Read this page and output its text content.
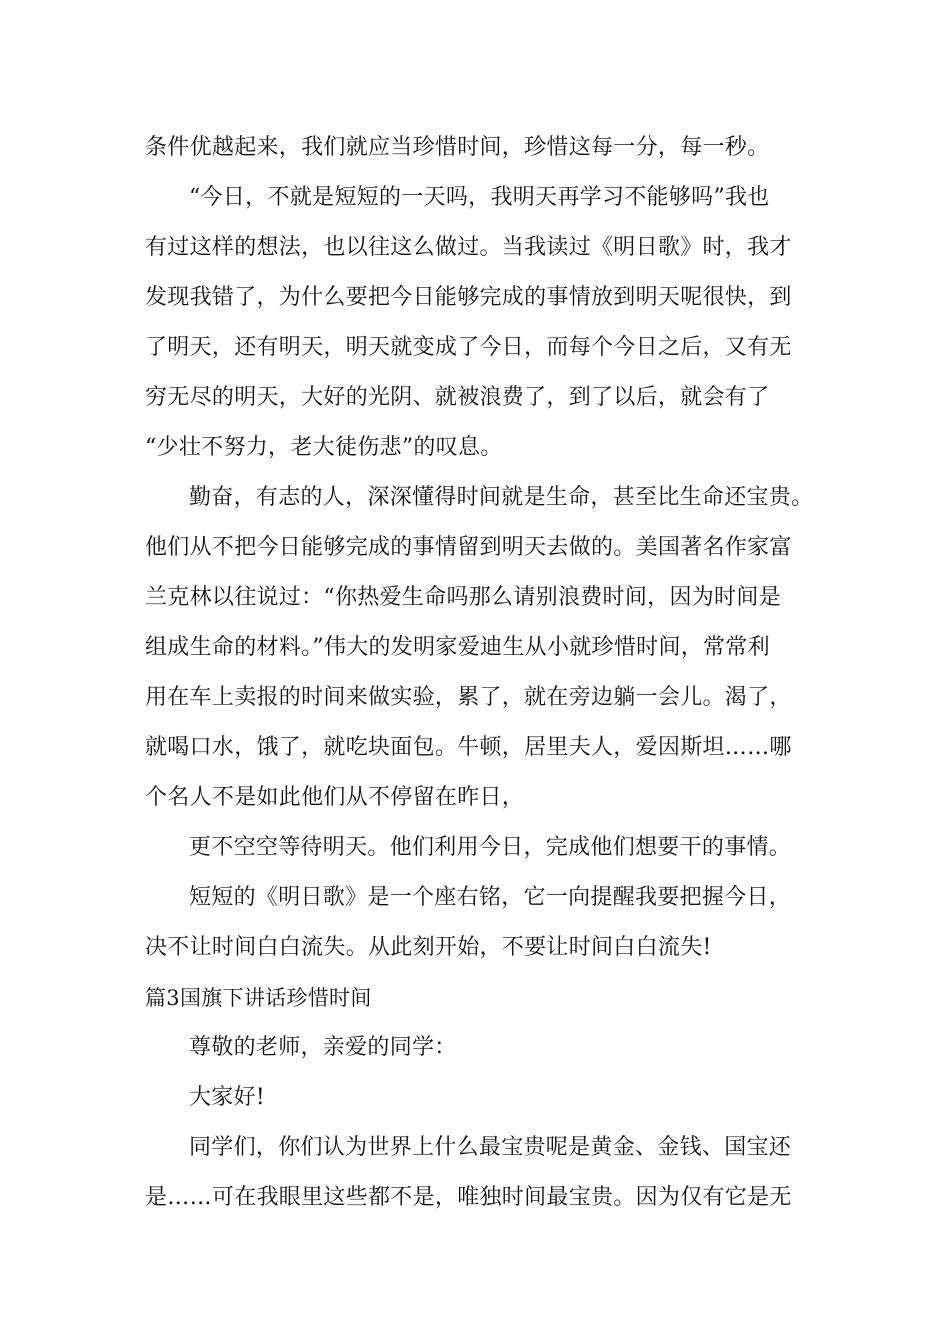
条件优越起来，我们就应当珍惜时间，珍惜这每一分，每一秒。
“今日，不就是短短的一天吗，我明天再学习不能够吗”我也
有过这样的想法，也以往这么做过。当我读过《明日歌》时，我才
发现我错了，为什么要把今日能够完成的事情放到明天呢很快，到
了明天，还有明天，明天就变成了今日，而每个今日之后，又有无
穷无尽的明天，大好的光阴、就被浪费了，到了以后，就会有了
“少壮不努力，老大徒伤悲”的叹息。
勤奋，有志的人，深深懂得时间就是生命，甚至比生命还宝贵。
他们从不把今日能够完成的事情留到明天去做的。美国著名作家富
兰克林以往说过：“你热爱生命吗那么请别浪费时间，因为时间是
组成生命的材料。”伟大的发明家爱迪生从小就珍惜时间，常常利
用在车上卖报的时间来做实验，累了，就在旁边躺一会儿。渴了，
就喝口水，饿了，就吃块面包。牛顿，居里夫人，爱因斯坦……哪
个名人不是如此他们从不停留在昨日，
更不空空等待明天。他们利用今日，完成他们想要干的事情。
短短的《明日歌》是一个座右铭，它一向提醒我要把握今日，
决不让时间白白流失。从此刻开始，不要让时间白白流失!
篇3国旗下讲话珍惜时间
尊敬的老师，亲爱的同学：
大家好!
同学们，你们认为世界上什么最宝贵呢是黄金、金钱、国宝还
是……可在我眼里这些都不是，唯独时间最宝贵。因为仅有它是无
